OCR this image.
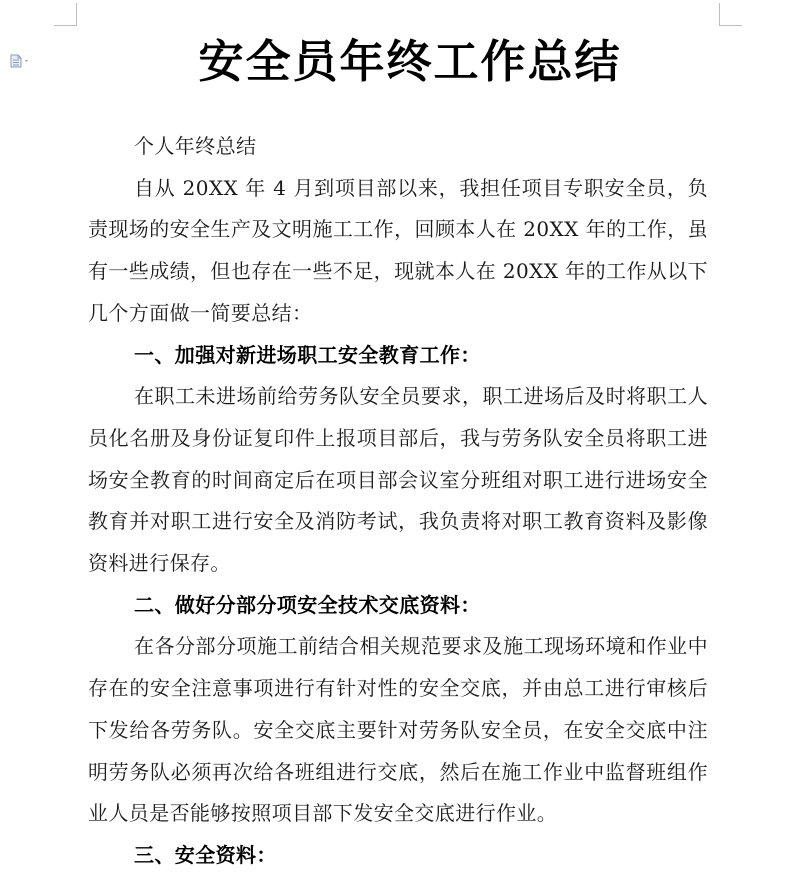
安全员年终工作总结

个人年终总结

自从 20XX 年 4 月到项目部以来，我担任项目专职安全员，负责现场的安全生产及文明施工工作，回顾本人在 20XX 年的工作，虽有一些成绩，但也存在一些不足，现就本人在 20XX 年的工作从以下几个方面做一简要总结：

一、加强对新进场职工安全教育工作：

在职工未进场前给劳务队安全员要求，职工进场后及时将职工人员化名册及身份证复印件上报项目部后，我与劳务队安全员将职工进场安全教育的时间商定后在项目部会议室分班组对职工进行进场安全教育并对职工进行安全及消防考试，我负责将对职工教育资料及影像资料进行保存。

二、做好分部分项安全技术交底资料：

在各分部分项施工前结合相关规范要求及施工现场环境和作业中存在的安全注意事项进行有针对性的安全交底，并由总工进行审核后下发给各劳务队。安全交底主要针对劳务队安全员，在安全交底中注明劳务队必须再次给各班组进行交底，然后在施工作业中监督班组作业人员是否能够按照项目部下发安全交底进行作业。

三、安全资料：
